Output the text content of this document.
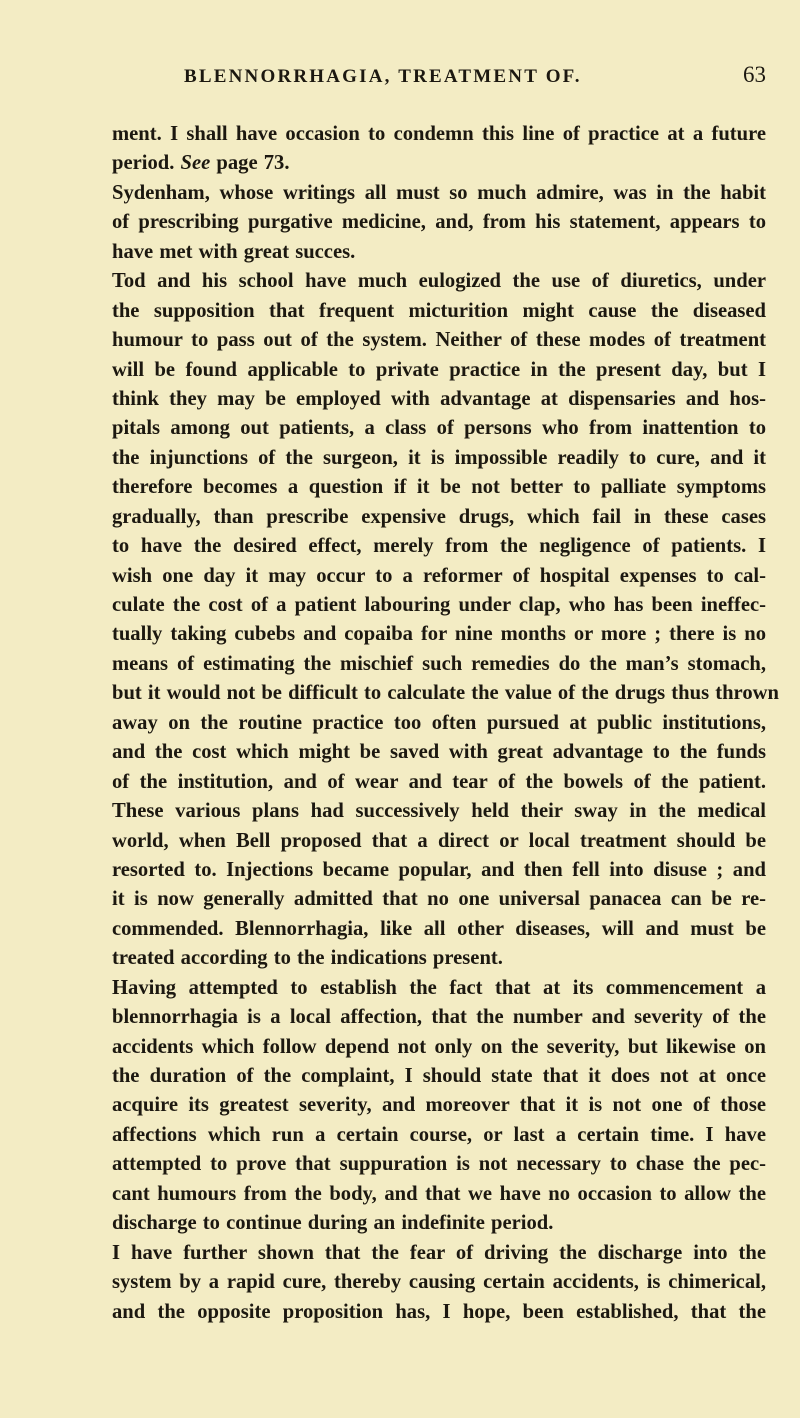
BLENNORRHAGIA, TREATMENT OF.	63
ment. I shall have occasion to condemn this line of practice at a future
period. See page 73.
Sydenham, whose writings all must so much admire, was in the habit
of prescribing purgative medicine, and, from his statement, appears to
have met with great succes.
Tod and his school have much eulogized the use of diuretics, under
the supposition that frequent micturition might cause the diseased
humour to pass out of the system. Neither of these modes of treatment
will be found applicable to private practice in the present day, but I
think they may be employed with advantage at dispensaries and hos-
pitals among out patients, a class of persons who from inattention to
the injunctions of the surgeon, it is impossible readily to cure, and it
therefore becomes a question if it be not better to palliate symptoms
gradually, than prescribe expensive drugs, which fail in these cases
to have the desired effect, merely from the negligence of patients. I
wish one day it may occur to a reformer of hospital expenses to cal-
culate the cost of a patient labouring under clap, who has been ineffec-
tually taking cubebs and copaiba for nine months or more ; there is no
means of estimating the mischief such remedies do the man’s stomach,
but it would not be difficult to calculate the value of the drugs thus thrown
away on the routine practice too often pursued at public institutions,
and the cost which might be saved with great advantage to the funds
of the institution, and of wear and tear of the bowels of the patient.
These various plans had successively held their sway in the medical
world, when Bell proposed that a direct or local treatment should be
resorted to. Injections became popular, and then fell into disuse ; and
it is now generally admitted that no one universal panacea can be re-
commended. Blennorrhagia, like all other diseases, will and must be
treated according to the indications present.
Having attempted to establish the fact that at its commencement a
blennorrhagia is a local affection, that the number and severity of the
accidents which follow depend not only on the severity, but likewise on
the duration of the complaint, I should state that it does not at once
acquire its greatest severity, and moreover that it is not one of those
affections which run a certain course, or last a certain time. I have
attempted to prove that suppuration is not necessary to chase the pec-
cant humours from the body, and that we have no occasion to allow the
discharge to continue during an indefinite period.
I have further shown that the fear of driving the discharge into the
system by a rapid cure, thereby causing certain accidents, is chimerical,
and the opposite proposition has, I hope, been established, that the
